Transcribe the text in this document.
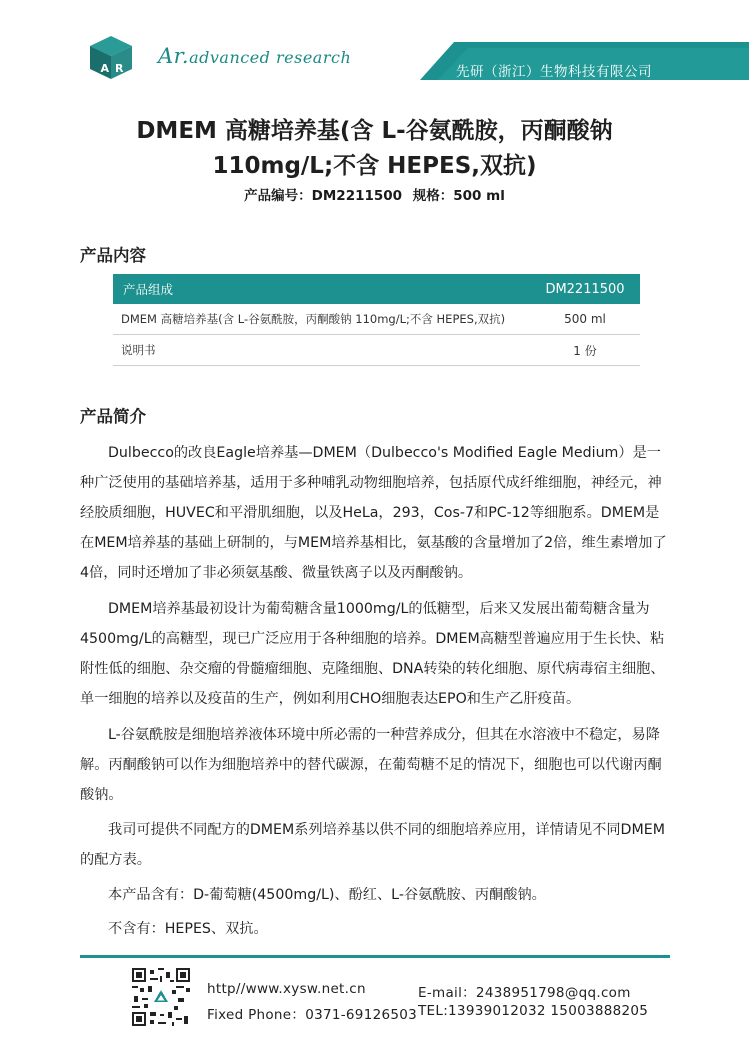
A R
Ar.advanced research
先研（浙江）生物科技有限公司
DMEM 高糖培养基(含 L-谷氨酰胺，丙酮酸钠
110mg/L;不含 HEPES,双抗)
产品编号：DM2211500 规格：500 ml
产品内容
产品组成	DM2211500
DMEM 高糖培养基(含 L-谷氨酰胺，丙酮酸钠 110mg/L;不含 HEPES,双抗)	500 ml
说明书	1 份
产品简介

Dulbecco的改良Eagle培养基—DMEM（Dulbecco's Modified Eagle Medium）是一种广泛使用的基础培养基，适用于多种哺乳动物细胞培养，包括原代成纤维细胞，神经元，神经胶质细胞，HUVEC和平滑肌细胞，以及HeLa，293，Cos-7和PC-12等细胞系。DMEM是在MEM培养基的基础上研制的，与MEM培养基相比，氨基酸的含量增加了2倍，维生素增加了4倍，同时还增加了非必须氨基酸、微量铁离子以及丙酮酸钠。

DMEM培养基最初设计为葡萄糖含量1000mg/L的低糖型，后来又发展出葡萄糖含量为4500mg/L的高糖型，现已广泛应用于各种细胞的培养。DMEM高糖型普遍应用于生长快、粘附性低的细胞、杂交瘤的骨髓瘤细胞、克隆细胞、DNA转染的转化细胞、原代病毒宿主细胞、单一细胞的培养以及疫苗的生产，例如利用CHO细胞表达EPO和生产乙肝疫苗。

L-谷氨酰胺是细胞培养液体环境中所必需的一种营养成分，但其在水溶液中不稳定，易降解。丙酮酸钠可以作为细胞培养中的替代碳源，在葡萄糖不足的情况下，细胞也可以代谢丙酮酸钠。

我司可提供不同配方的DMEM系列培养基以供不同的细胞培养应用，详情请见不同DMEM的配方表。

本产品含有：D-葡萄糖(4500mg/L)、酚红、L-谷氨酰胺、丙酮酸钠。

不含有：HEPES、双抗。

http//www.xysw.net.cn
Fixed Phone：0371-69126503
E-mail：2438951798@qq.com
TEL:13939012032 15003888205
